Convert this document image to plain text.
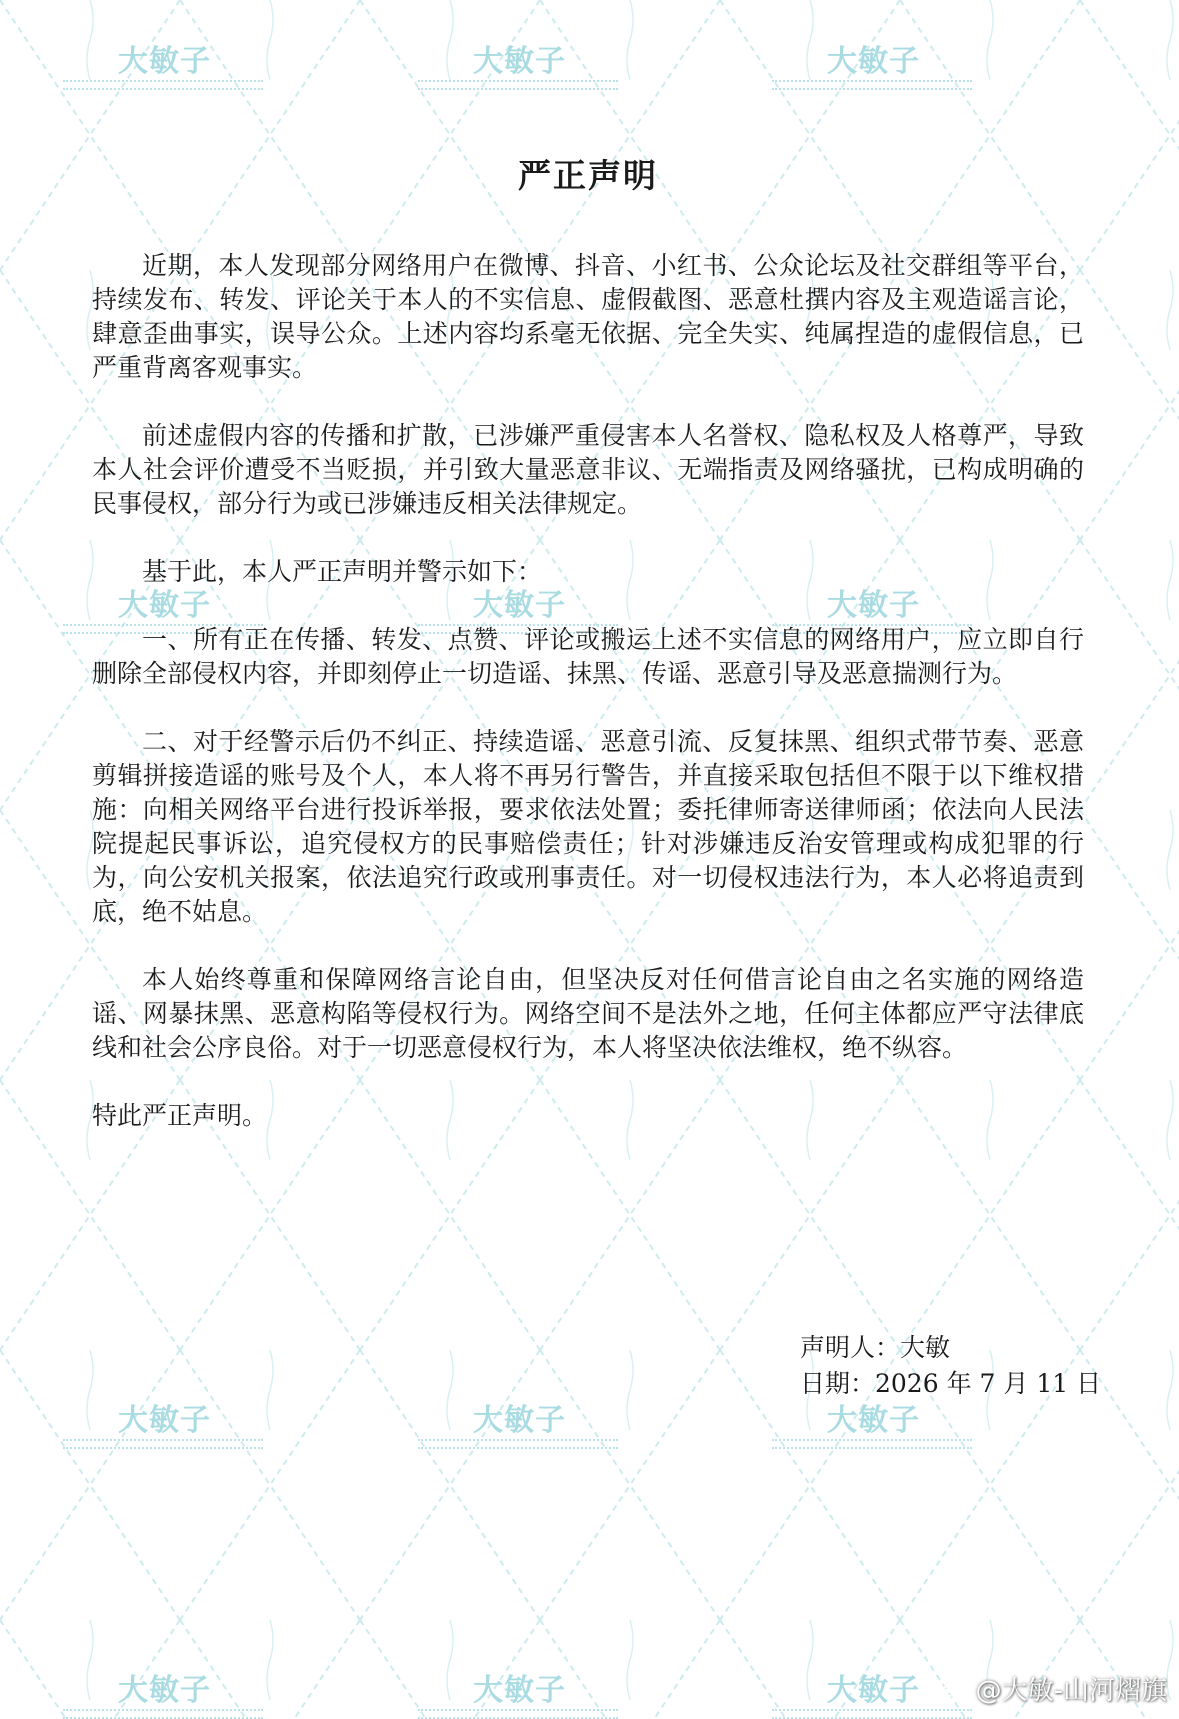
大敏子	大敏子	大敏子
大敏子	大敏子	大敏子
大敏子	大敏子	大敏子
大敏子	大敏子	大敏子
严正声明

近期，本人发现部分网络用户在微博、抖音、小红书、公众论坛及社交群组等平台，持续发布、转发、评论关于本人的不实信息、虚假截图、恶意杜撰内容及主观造谣言论，肆意歪曲事实，误导公众。上述内容均系毫无依据、完全失实、纯属捏造的虚假信息，已严重背离客观事实。

前述虚假内容的传播和扩散，已涉嫌严重侵害本人名誉权、隐私权及人格尊严，导致本人社会评价遭受不当贬损，并引致大量恶意非议、无端指责及网络骚扰，已构成明确的民事侵权，部分行为或已涉嫌违反相关法律规定。

基于此，本人严正声明并警示如下：

一、所有正在传播、转发、点赞、评论或搬运上述不实信息的网络用户，应立即自行删除全部侵权内容，并即刻停止一切造谣、抹黑、传谣、恶意引导及恶意揣测行为。

二、对于经警示后仍不纠正、持续造谣、恶意引流、反复抹黑、组织式带节奏、恶意剪辑拼接造谣的账号及个人，本人将不再另行警告，并直接采取包括但不限于以下维权措施：向相关网络平台进行投诉举报，要求依法处置；委托律师寄送律师函；依法向人民法院提起民事诉讼，追究侵权方的民事赔偿责任；针对涉嫌违反治安管理或构成犯罪的行为，向公安机关报案，依法追究行政或刑事责任。对一切侵权违法行为，本人必将追责到底，绝不姑息。

本人始终尊重和保障网络言论自由，但坚决反对任何借言论自由之名实施的网络造谣、网暴抹黑、恶意构陷等侵权行为。网络空间不是法外之地，任何主体都应严守法律底线和社会公序良俗。对于一切恶意侵权行为，本人将坚决依法维权，绝不纵容。

特此严正声明。

声明人：大敏
日期：2026 年 7 月 11 日
@大敏-山河熠旗
